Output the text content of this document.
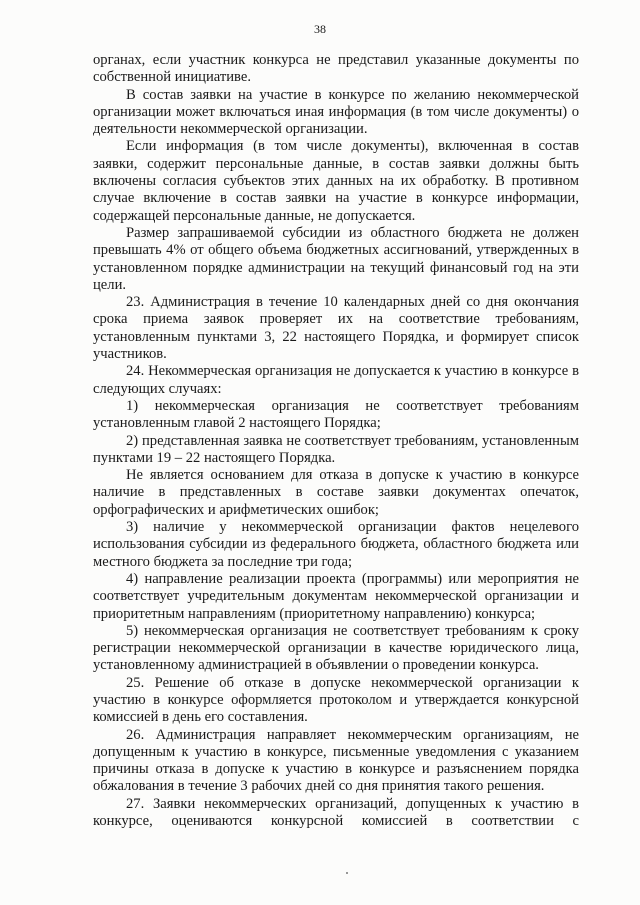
38

органах, если участник конкурса не представил указанные документы по собственной инициативе.

В состав заявки на участие в конкурсе по желанию некоммерческой организации может включаться иная информация (в том числе документы) о деятельности некоммерческой организации.

Если информация (в том числе документы), включенная в состав заявки, содержит персональные данные, в состав заявки должны быть включены согласия субъектов этих данных на их обработку. В противном случае включение в состав заявки на участие в конкурсе информации, содержащей персональные данные, не допускается.

Размер запрашиваемой субсидии из областного бюджета не должен превышать 4% от общего объема бюджетных ассигнований, утвержденных в установленном порядке администрации на текущий финансовый год на эти цели.

23. Администрация в течение 10 календарных дней со дня окончания срока приема заявок проверяет их на соответствие требованиям, установленным пунктами 3, 22 настоящего Порядка, и формирует список участников.

24. Некоммерческая организация не допускается к участию в конкурсе в следующих случаях:

1) некоммерческая организация не соответствует требованиям установленным главой 2 настоящего Порядка;

2) представленная заявка не соответствует требованиям, установленным пунктами 19 – 22 настоящего Порядка.

Не является основанием для отказа в допуске к участию в конкурсе наличие в представленных в составе заявки документах опечаток, орфографических и арифметических ошибок;

3) наличие у некоммерческой организации фактов нецелевого использования субсидии из федерального бюджета, областного бюджета или местного бюджета за последние три года;

4) направление реализации проекта (программы) или мероприятия не соответствует учредительным документам некоммерческой организации и приоритетным направлениям (приоритетному направлению) конкурса;

5) некоммерческая организация не соответствует требованиям к сроку регистрации некоммерческой организации в качестве юридического лица, установленному администрацией в объявлении о проведении конкурса.

25. Решение об отказе в допуске некоммерческой организации к участию в конкурсе оформляется протоколом и утверждается конкурсной комиссией в день его составления.

26. Администрация направляет некоммерческим организациям, не допущенным к участию в конкурсе, письменные уведомления с указанием причины отказа в допуске к участию в конкурсе и разъяснением порядка обжалования в течение 3 рабочих дней со дня принятия такого решения.

27. Заявки некоммерческих организаций, допущенных к участию в конкурсе, оцениваются конкурсной комиссией в соответствии с
